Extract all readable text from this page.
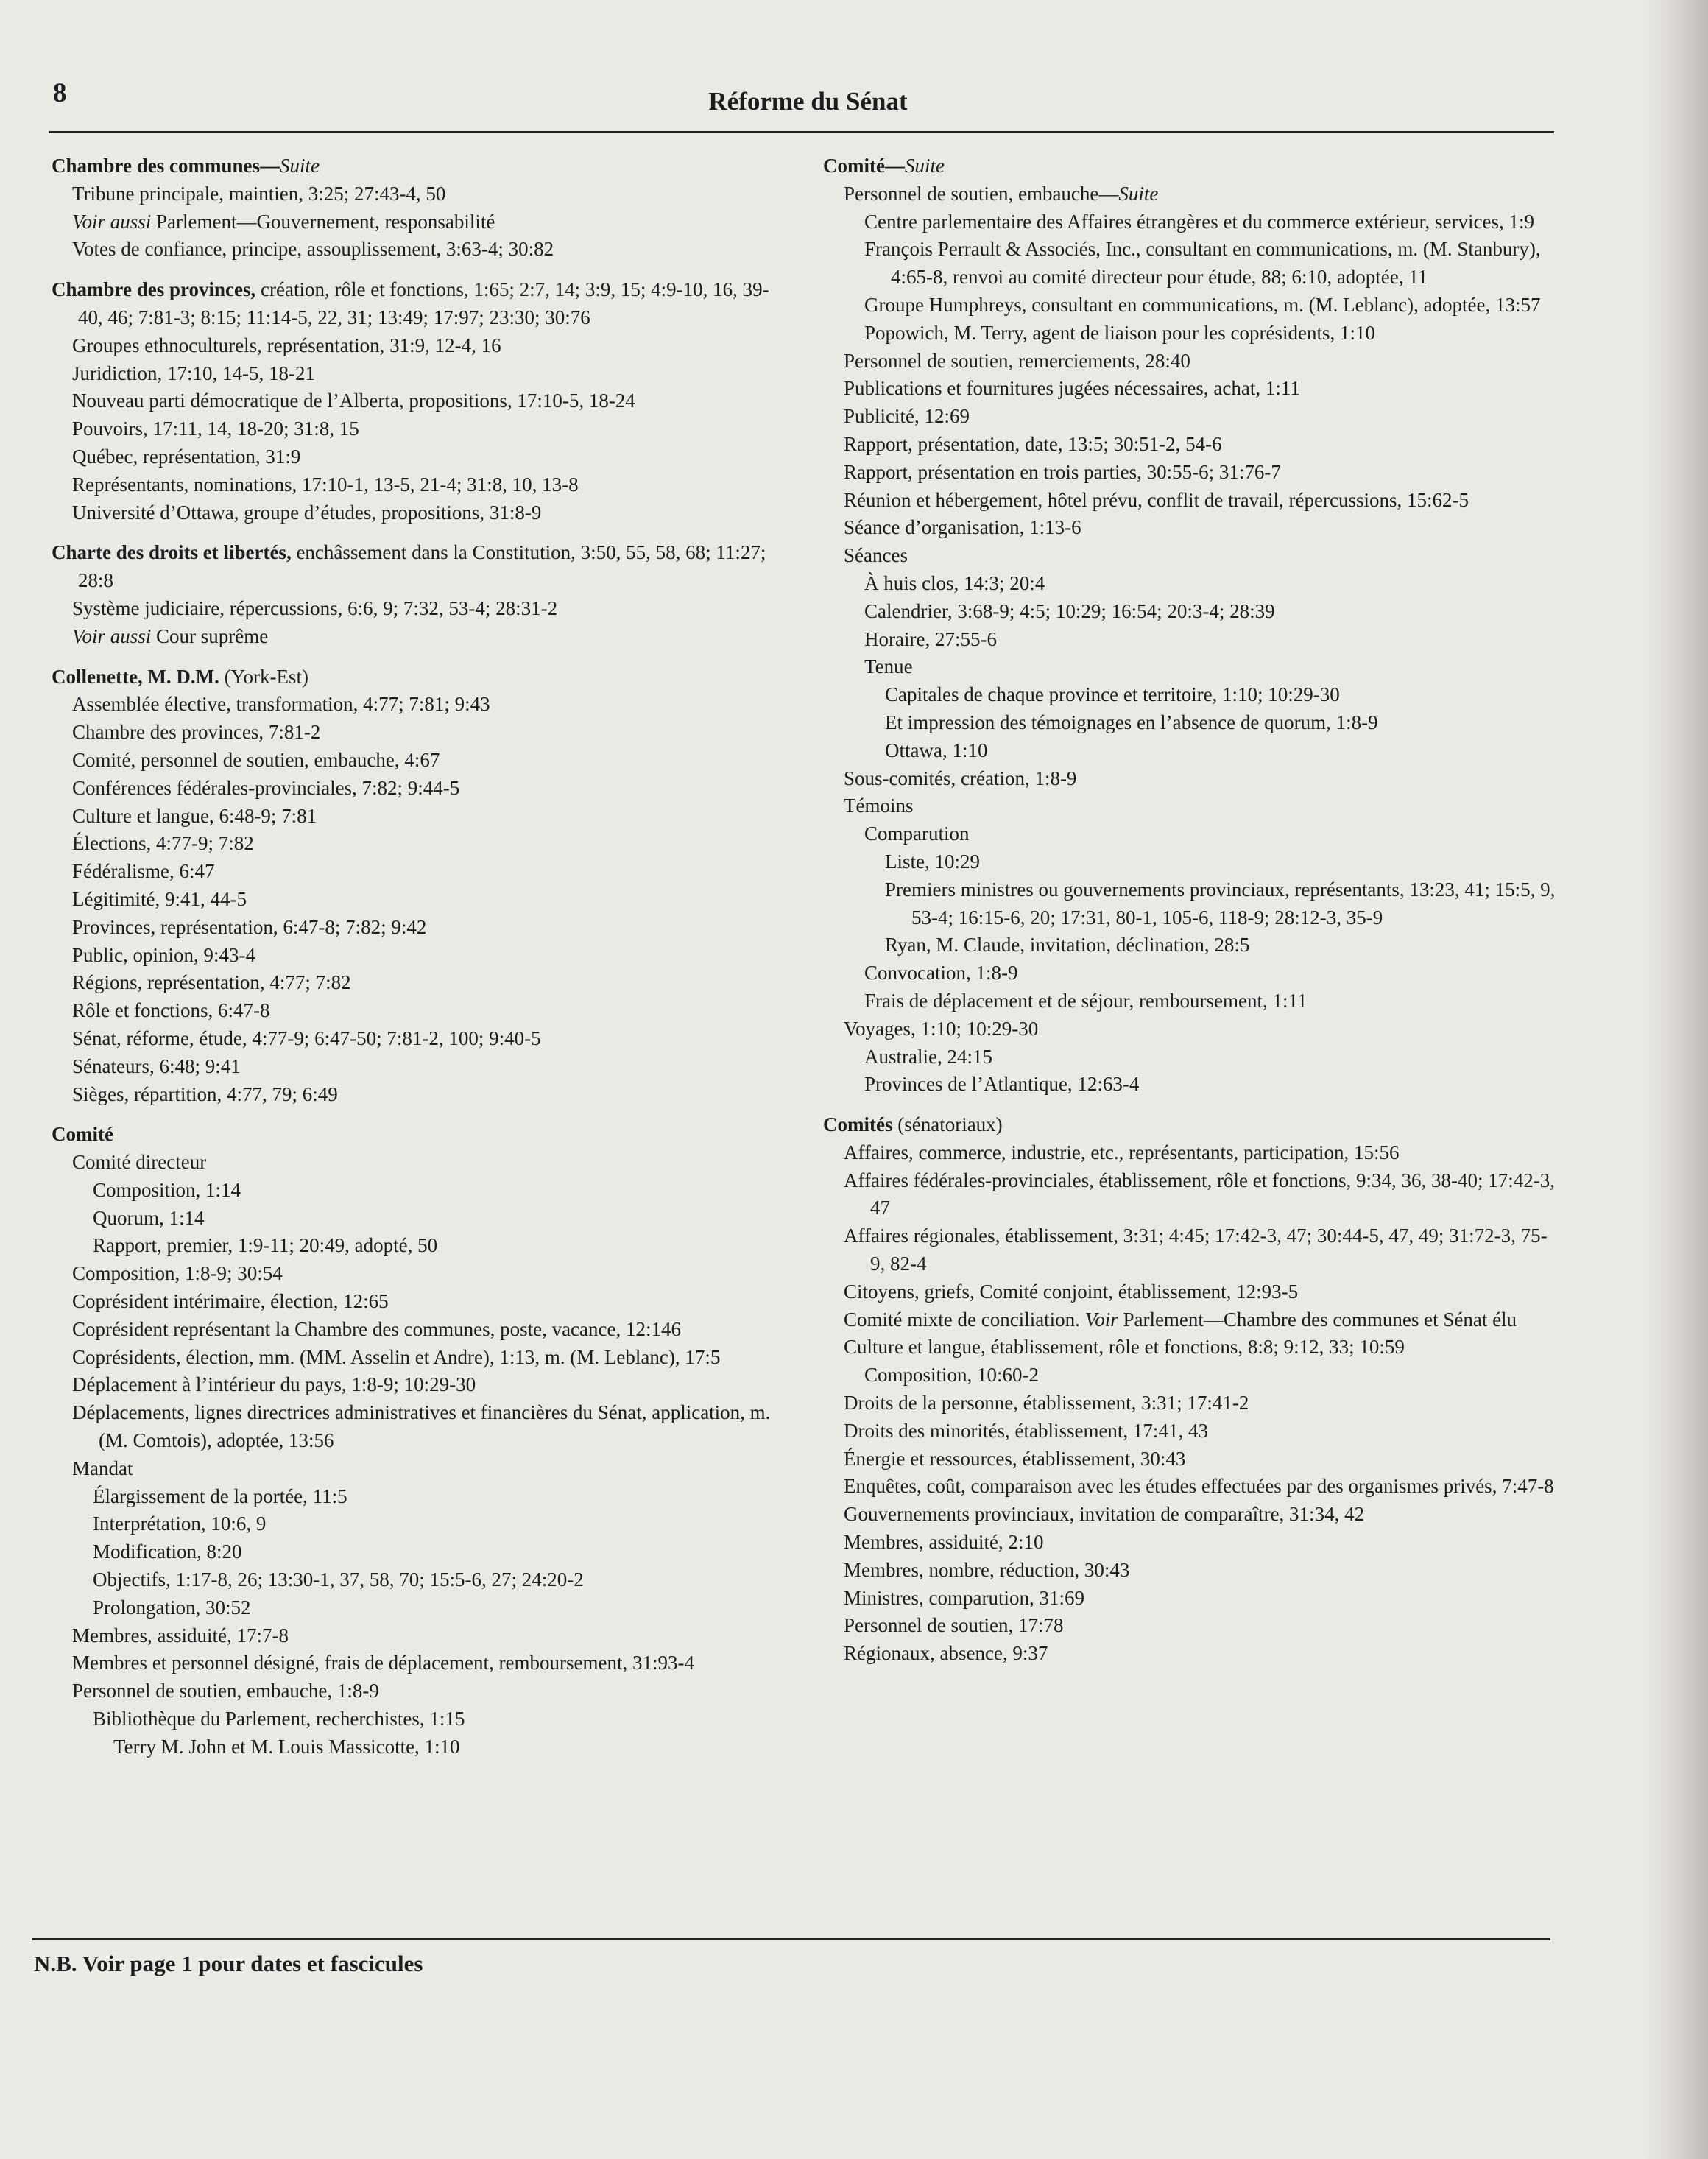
8	Réforme du Sénat
Chambre des communes—Suite
Tribune principale, maintien, 3:25; 27:43-4, 50
Voir aussi Parlement—Gouvernement, responsabilité
Votes de confiance, principe, assouplissement, 3:63-4; 30:82
Chambre des provinces, création, rôle et fonctions, 1:65; 2:7, 14; 3:9, 15; 4:9-10, 16, 39-40, 46; 7:81-3; 8:15; 11:14-5, 22, 31; 13:49; 17:97; 23:30; 30:76
Groupes ethnoculturels, représentation, 31:9, 12-4, 16
Juridiction, 17:10, 14-5, 18-21
Nouveau parti démocratique de l’Alberta, propositions, 17:10-5, 18-24
Pouvoirs, 17:11, 14, 18-20; 31:8, 15
Québec, représentation, 31:9
Représentants, nominations, 17:10-1, 13-5, 21-4; 31:8, 10, 13-8
Université d’Ottawa, groupe d’études, propositions, 31:8-9
Charte des droits et libertés, enchâssement dans la Constitution, 3:50, 55, 58, 68; 11:27; 28:8
Système judiciaire, répercussions, 6:6, 9; 7:32, 53-4; 28:31-2
Voir aussi Cour suprême
Collenette, M. D.M. (York-Est)
Assemblée élective, transformation, 4:77; 7:81; 9:43
Chambre des provinces, 7:81-2
Comité, personnel de soutien, embauche, 4:67
Conférences fédérales-provinciales, 7:82; 9:44-5
Culture et langue, 6:48-9; 7:81
Élections, 4:77-9; 7:82
Fédéralisme, 6:47
Légitimité, 9:41, 44-5
Provinces, représentation, 6:47-8; 7:82; 9:42
Public, opinion, 9:43-4
Régions, représentation, 4:77; 7:82
Rôle et fonctions, 6:47-8
Sénat, réforme, étude, 4:77-9; 6:47-50; 7:81-2, 100; 9:40-5
Sénateurs, 6:48; 9:41
Sièges, répartition, 4:77, 79; 6:49
Comité
Comité directeur
Composition, 1:14
Quorum, 1:14
Rapport, premier, 1:9-11; 20:49, adopté, 50
Composition, 1:8-9; 30:54
Coprésident intérimaire, élection, 12:65
Coprésident représentant la Chambre des communes, poste, vacance, 12:146
Coprésidents, élection, mm. (MM. Asselin et Andre), 1:13, m. (M. Leblanc), 17:5
Déplacement à l’intérieur du pays, 1:8-9; 10:29-30
Déplacements, lignes directrices administratives et financières du Sénat, application, m. (M. Comtois), adoptée, 13:56
Mandat
Élargissement de la portée, 11:5
Interprétation, 10:6, 9
Modification, 8:20
Objectifs, 1:17-8, 26; 13:30-1, 37, 58, 70; 15:5-6, 27; 24:20-2
Prolongation, 30:52
Membres, assiduité, 17:7-8
Membres et personnel désigné, frais de déplacement, remboursement, 31:93-4
Personnel de soutien, embauche, 1:8-9
Bibliothèque du Parlement, recherchistes, 1:15
Terry M. John et M. Louis Massicotte, 1:10
Comité—Suite
Personnel de soutien, embauche—Suite
Centre parlementaire des Affaires étrangères et du commerce extérieur, services, 1:9
François Perrault & Associés, Inc., consultant en communications, m. (M. Stanbury), 4:65-8, renvoi au comité directeur pour étude, 88; 6:10, adoptée, 11
Groupe Humphreys, consultant en communications, m. (M. Leblanc), adoptée, 13:57
Popowich, M. Terry, agent de liaison pour les coprésidents, 1:10
Personnel de soutien, remerciements, 28:40
Publications et fournitures jugées nécessaires, achat, 1:11
Publicité, 12:69
Rapport, présentation, date, 13:5; 30:51-2, 54-6
Rapport, présentation en trois parties, 30:55-6; 31:76-7
Réunion et hébergement, hôtel prévu, conflit de travail, répercussions, 15:62-5
Séance d’organisation, 1:13-6
Séances
À huis clos, 14:3; 20:4
Calendrier, 3:68-9; 4:5; 10:29; 16:54; 20:3-4; 28:39
Horaire, 27:55-6
Tenue
Capitales de chaque province et territoire, 1:10; 10:29-30
Et impression des témoignages en l’absence de quorum, 1:8-9
Ottawa, 1:10
Sous-comités, création, 1:8-9
Témoins
Comparution
Liste, 10:29
Premiers ministres ou gouvernements provinciaux, représentants, 13:23, 41; 15:5, 9, 53-4; 16:15-6, 20; 17:31, 80-1, 105-6, 118-9; 28:12-3, 35-9
Ryan, M. Claude, invitation, déclination, 28:5
Convocation, 1:8-9
Frais de déplacement et de séjour, remboursement, 1:11
Voyages, 1:10; 10:29-30
Australie, 24:15
Provinces de l’Atlantique, 12:63-4
Comités (sénatoriaux)
Affaires, commerce, industrie, etc., représentants, participation, 15:56
Affaires fédérales-provinciales, établissement, rôle et fonctions, 9:34, 36, 38-40; 17:42-3, 47
Affaires régionales, établissement, 3:31; 4:45; 17:42-3, 47; 30:44-5, 47, 49; 31:72-3, 75-9, 82-4
Citoyens, griefs, Comité conjoint, établissement, 12:93-5
Comité mixte de conciliation. Voir Parlement—Chambre des communes et Sénat élu
Culture et langue, établissement, rôle et fonctions, 8:8; 9:12, 33; 10:59
Composition, 10:60-2
Droits de la personne, établissement, 3:31; 17:41-2
Droits des minorités, établissement, 17:41, 43
Énergie et ressources, établissement, 30:43
Enquêtes, coût, comparaison avec les études effectuées par des organismes privés, 7:47-8
Gouvernements provinciaux, invitation de comparaître, 31:34, 42
Membres, assiduité, 2:10
Membres, nombre, réduction, 30:43
Ministres, comparution, 31:69
Personnel de soutien, 17:78
Régionaux, absence, 9:37
N.B. Voir page 1 pour dates et fascicules
